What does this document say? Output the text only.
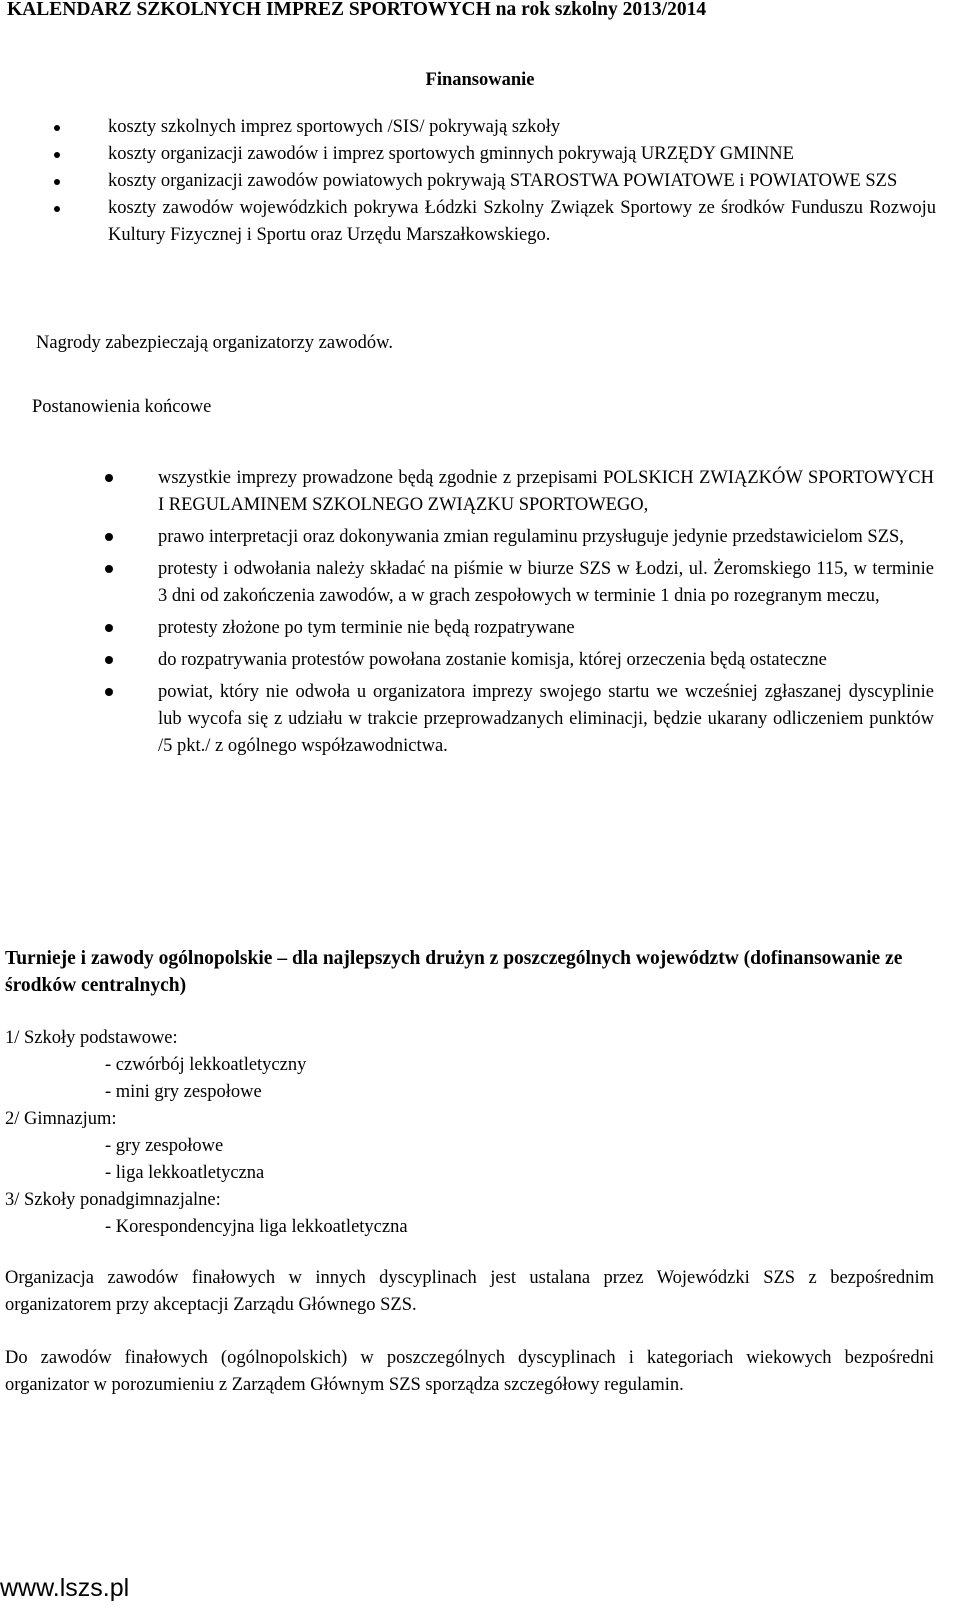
KALENDARZ SZKOLNYCH IMPREZ SPORTOWYCH na rok szkolny 2013/2014
Finansowanie
koszty szkolnych imprez sportowych /SIS/ pokrywają szkoły
koszty organizacji zawodów i imprez sportowych gminnych pokrywają URZĘDY GMINNE
koszty organizacji zawodów powiatowych pokrywają STAROSTWA POWIATOWE i POWIATOWE SZS
koszty zawodów wojewódzkich pokrywa Łódzki Szkolny Związek Sportowy ze środków Funduszu Rozwoju Kultury Fizycznej i Sportu oraz Urzędu Marszałkowskiego.
Nagrody zabezpieczają organizatorzy zawodów.
Postanowienia końcowe
wszystkie imprezy prowadzone będą zgodnie z przepisami POLSKICH ZWIĄZKÓW SPORTOWYCH I REGULAMINEM SZKOLNEGO ZWIĄZKU SPORTOWEGO,
prawo interpretacji oraz dokonywania zmian regulaminu przysługuje jedynie przedstawicielom SZS,
protesty i odwołania należy składać na piśmie w biurze SZS w Łodzi, ul. Żeromskiego 115, w terminie 3 dni od zakończenia zawodów, a w grach zespołowych w terminie 1 dnia po rozegranym meczu,
protesty złożone po tym terminie nie będą rozpatrywane
do rozpatrywania protestów powołana zostanie komisja, której orzeczenia będą ostateczne
powiat, który nie odwoła u organizatora imprezy swojego startu we wcześniej zgłaszanej dyscyplinie lub wycofa się z udziału w trakcie przeprowadzanych eliminacji, będzie ukarany odliczeniem punktów /5 pkt./ z ogólnego współzawodnictwa.
Turnieje i zawody ogólnopolskie – dla najlepszych drużyn z poszczególnych województw (dofinansowanie ze środków centralnych)
1/ Szkoły podstawowe:
- czwórbój lekkoatletyczny
- mini gry zespołowe
2/ Gimnazjum:
- gry zespołowe
- liga lekkoatletyczna
3/ Szkoły ponadgimnazjalne:
- Korespondencyjna liga lekkoatletyczna
Organizacja zawodów finałowych w innych dyscyplinach jest ustalana przez Wojewódzki SZS z bezpośrednim organizatorem przy akceptacji Zarządu Głównego SZS.
Do zawodów finałowych (ogólnopolskich) w poszczególnych dyscyplinach i kategoriach wiekowych bezpośredni organizator w porozumieniu z Zarządem Głównym SZS sporządza szczegółowy regulamin.
www.lszs.pl
